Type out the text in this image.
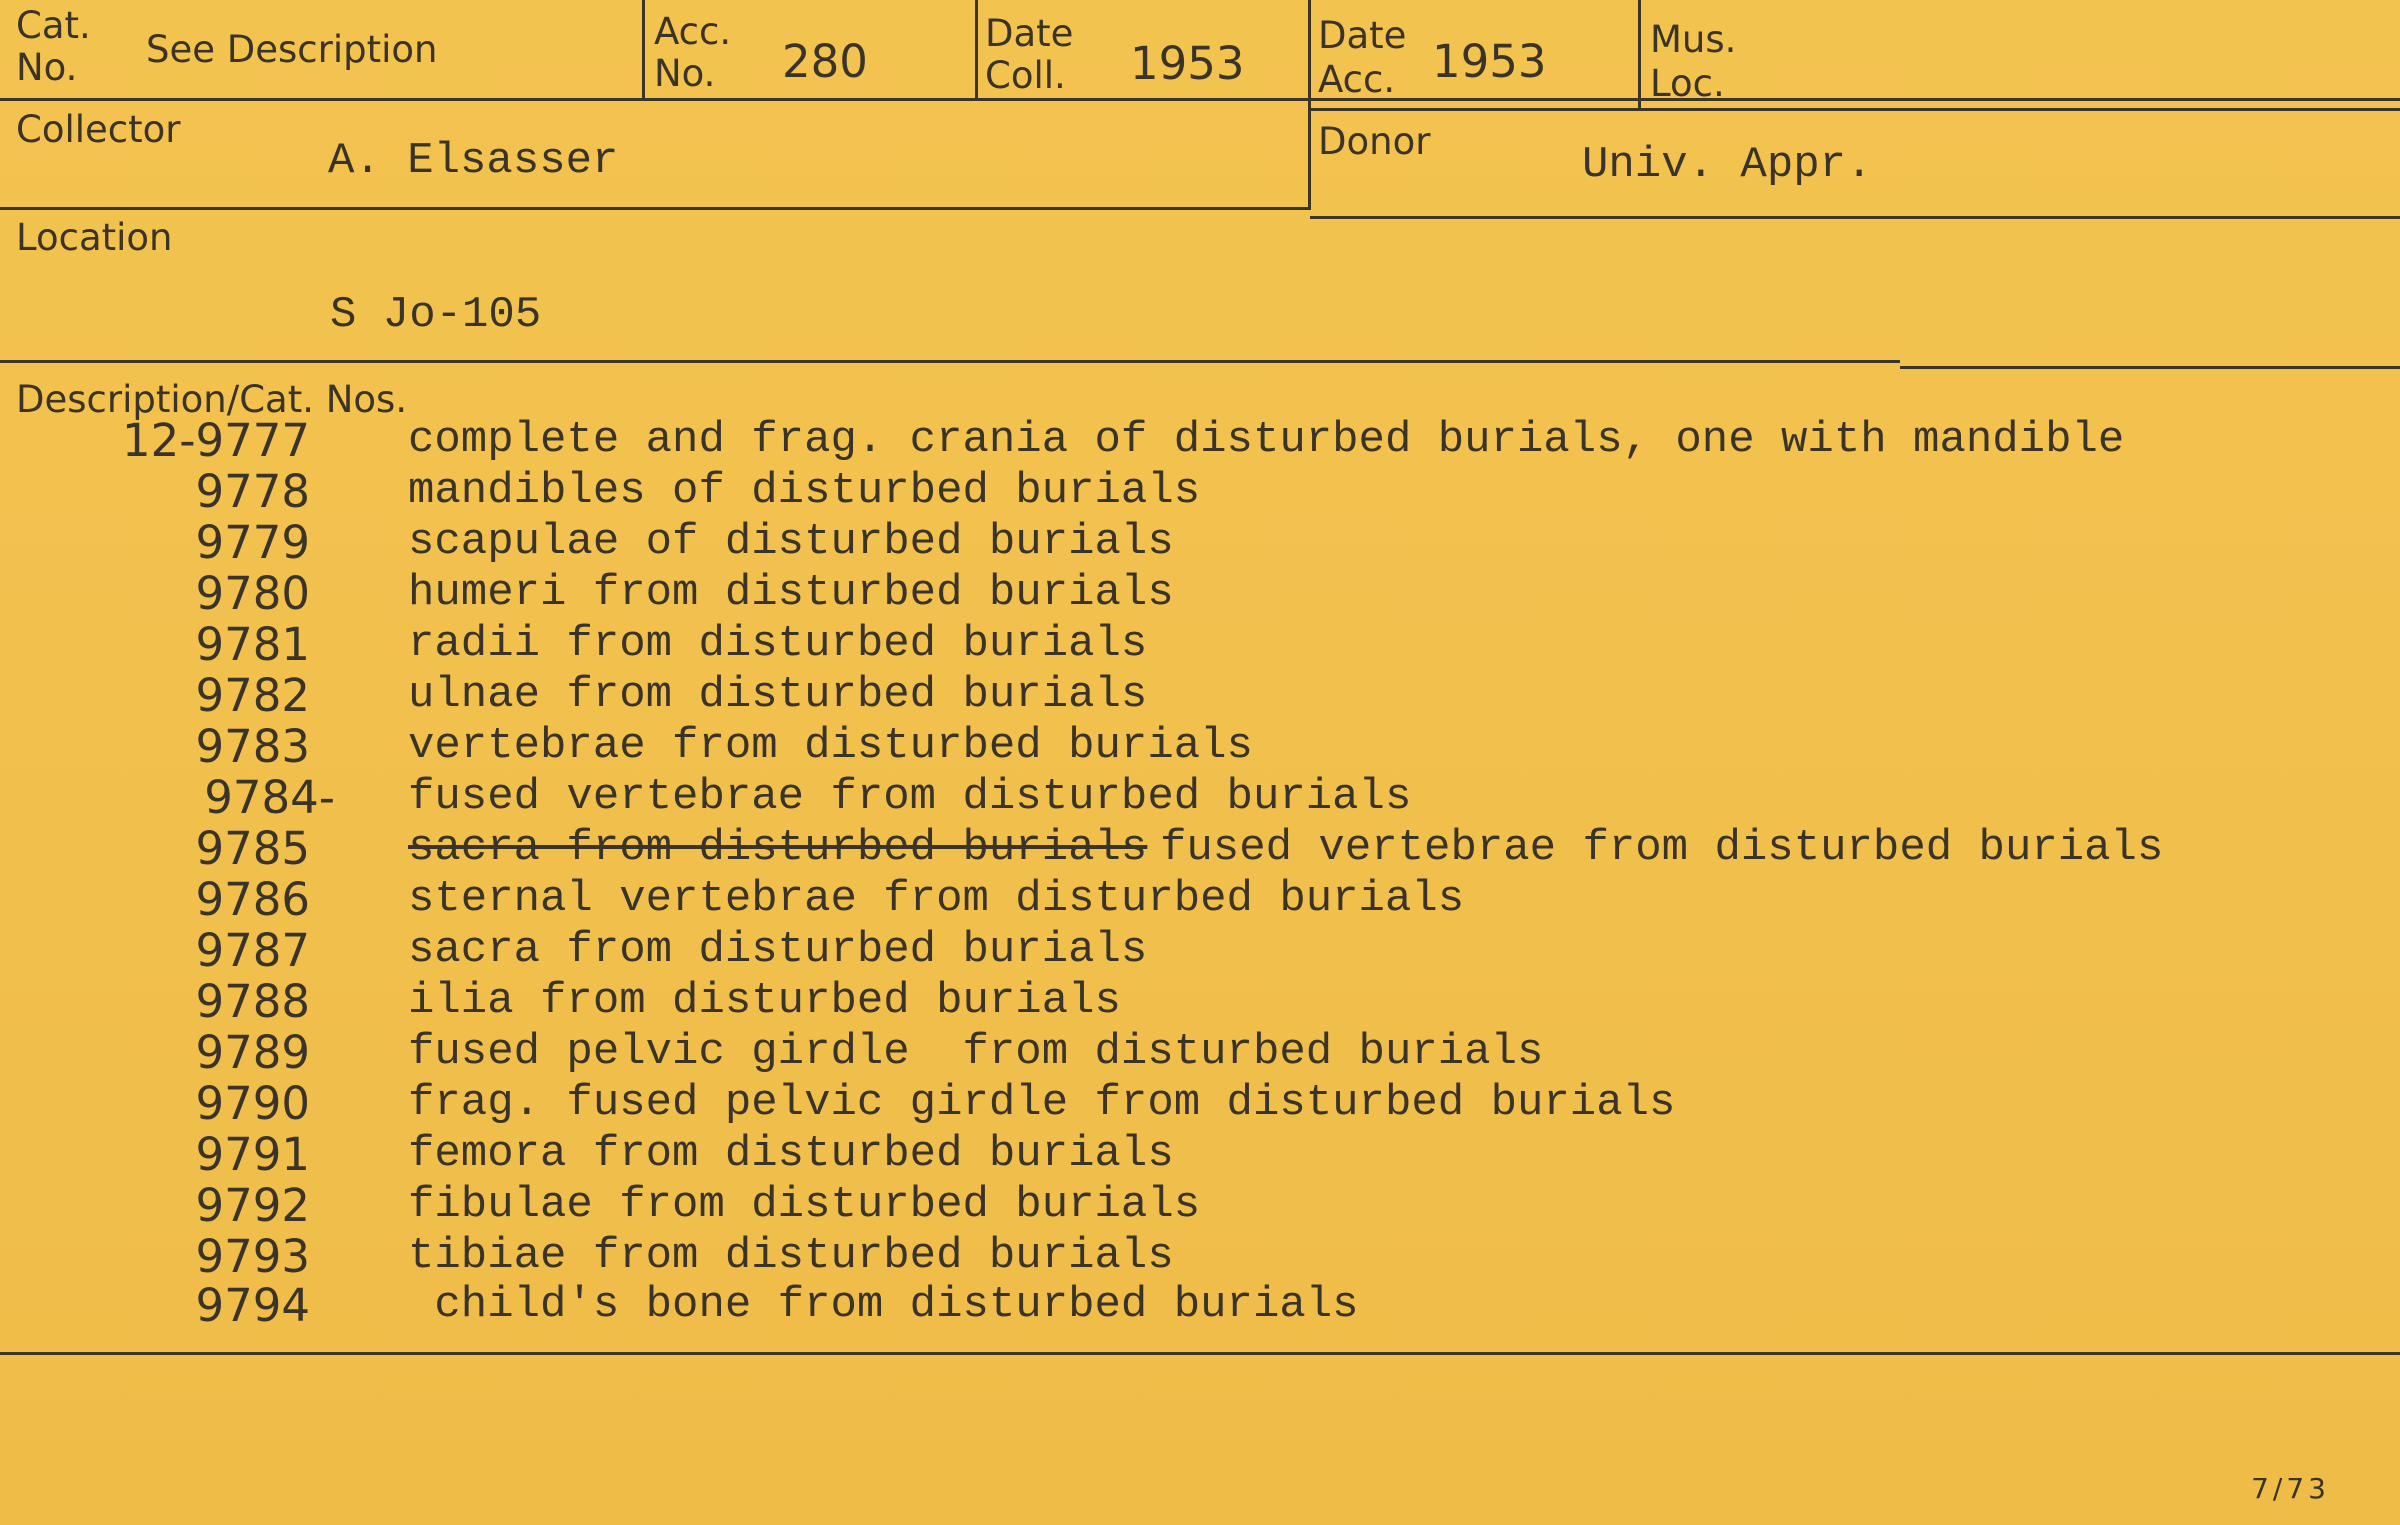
Cat.
No. See Description	Acc.
No. 280
Date
Coll. 1953
Date
Acc. 1953	Mus.
Loc.
Collector
A. Elsasser	Donor	Univ. Appr.
Location
S Jo-105
Description/Cat. Nos.
12-9777 complete and frag. crania of disturbed burials, one with mandible
9778 mandibles of disturbed burials
9779 scapulae of disturbed burials
9780 humeri from disturbed burials
9781 radii from disturbed burials
9782 ulnae from disturbed burials
9783 vertebrae from disturbed burials
9784- fused vertebrae from disturbed burials
9785 sacra from disturbed burials fused vertebrae from disturbed burials
9786 sternal vertebrae from disturbed burials
9787 sacra from disturbed burials
9788 ilia from disturbed burials
9789 fused pelvic girdle  from disturbed burials
9790 frag. fused pelvic girdle from disturbed burials
9791 femora from disturbed burials
9792 fibulae from disturbed burials
9793 tibiae from disturbed burials
9794 child's bone from disturbed burials
7/73
